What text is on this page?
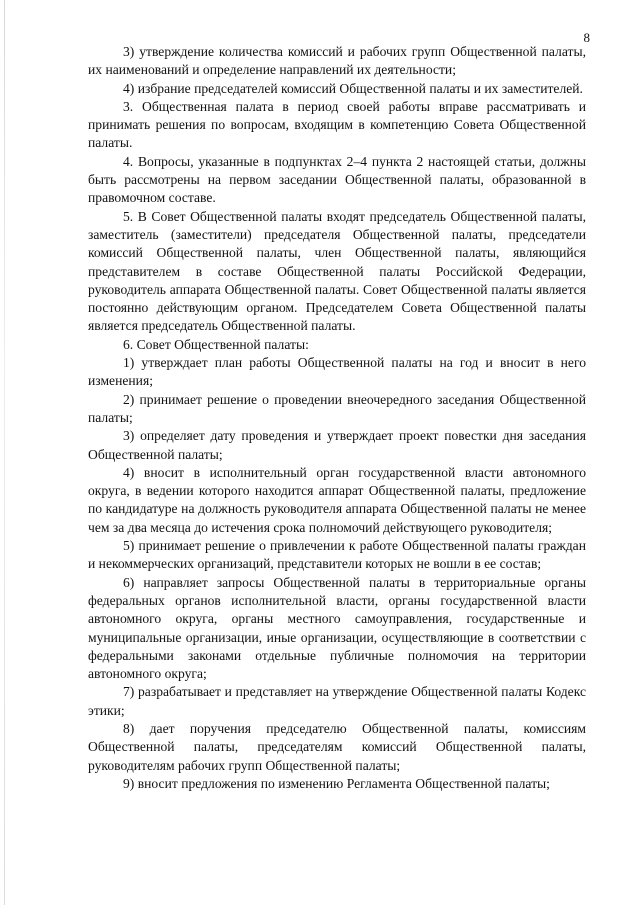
8

3) утверждение количества комиссий и рабочих групп Общественной палаты, их наименований и определение направлений их деятельности;

4) избрание председателей комиссий Общественной палаты и их заместителей.

3. Общественная палата в период своей работы вправе рассматривать и принимать решения по вопросам, входящим в компетенцию Совета Общественной палаты.

4. Вопросы, указанные в подпунктах 2–4 пункта 2 настоящей статьи, должны быть рассмотрены на первом заседании Общественной палаты, образованной в правомочном составе.

5. В Совет Общественной палаты входят председатель Общественной палаты, заместитель (заместители) председателя Общественной палаты, председатели комиссий Общественной палаты, член Общественной палаты, являющийся представителем в составе Общественной палаты Российской Федерации, руководитель аппарата Общественной палаты. Совет Общественной палаты является постоянно действующим органом. Председателем Совета Общественной палаты является председатель Общественной палаты.

6. Совет Общественной палаты:

1) утверждает план работы Общественной палаты на год и вносит в него изменения;

2) принимает решение о проведении внеочередного заседания Общественной палаты;

3) определяет дату проведения и утверждает проект повестки дня заседания Общественной палаты;

4) вносит в исполнительный орган государственной власти автономного округа, в ведении которого находится аппарат Общественной палаты, предложение по кандидатуре на должность руководителя аппарата Общественной палаты не менее чем за два месяца до истечения срока полномочий действующего руководителя;

5) принимает решение о привлечении к работе Общественной палаты граждан и некоммерческих организаций, представители которых не вошли в ее состав;

6) направляет запросы Общественной палаты в территориальные органы федеральных органов исполнительной власти, органы государственной власти автономного округа, органы местного самоуправления, государственные и муниципальные организации, иные организации, осуществляющие в соответствии с федеральными законами отдельные публичные полномочия на территории автономного округа;

7) разрабатывает и представляет на утверждение Общественной палаты Кодекс этики;

8) дает поручения председателю Общественной палаты, комиссиям Общественной палаты, председателям комиссий Общественной палаты, руководителям рабочих групп Общественной палаты;

9) вносит предложения по изменению Регламента Общественной палаты;
